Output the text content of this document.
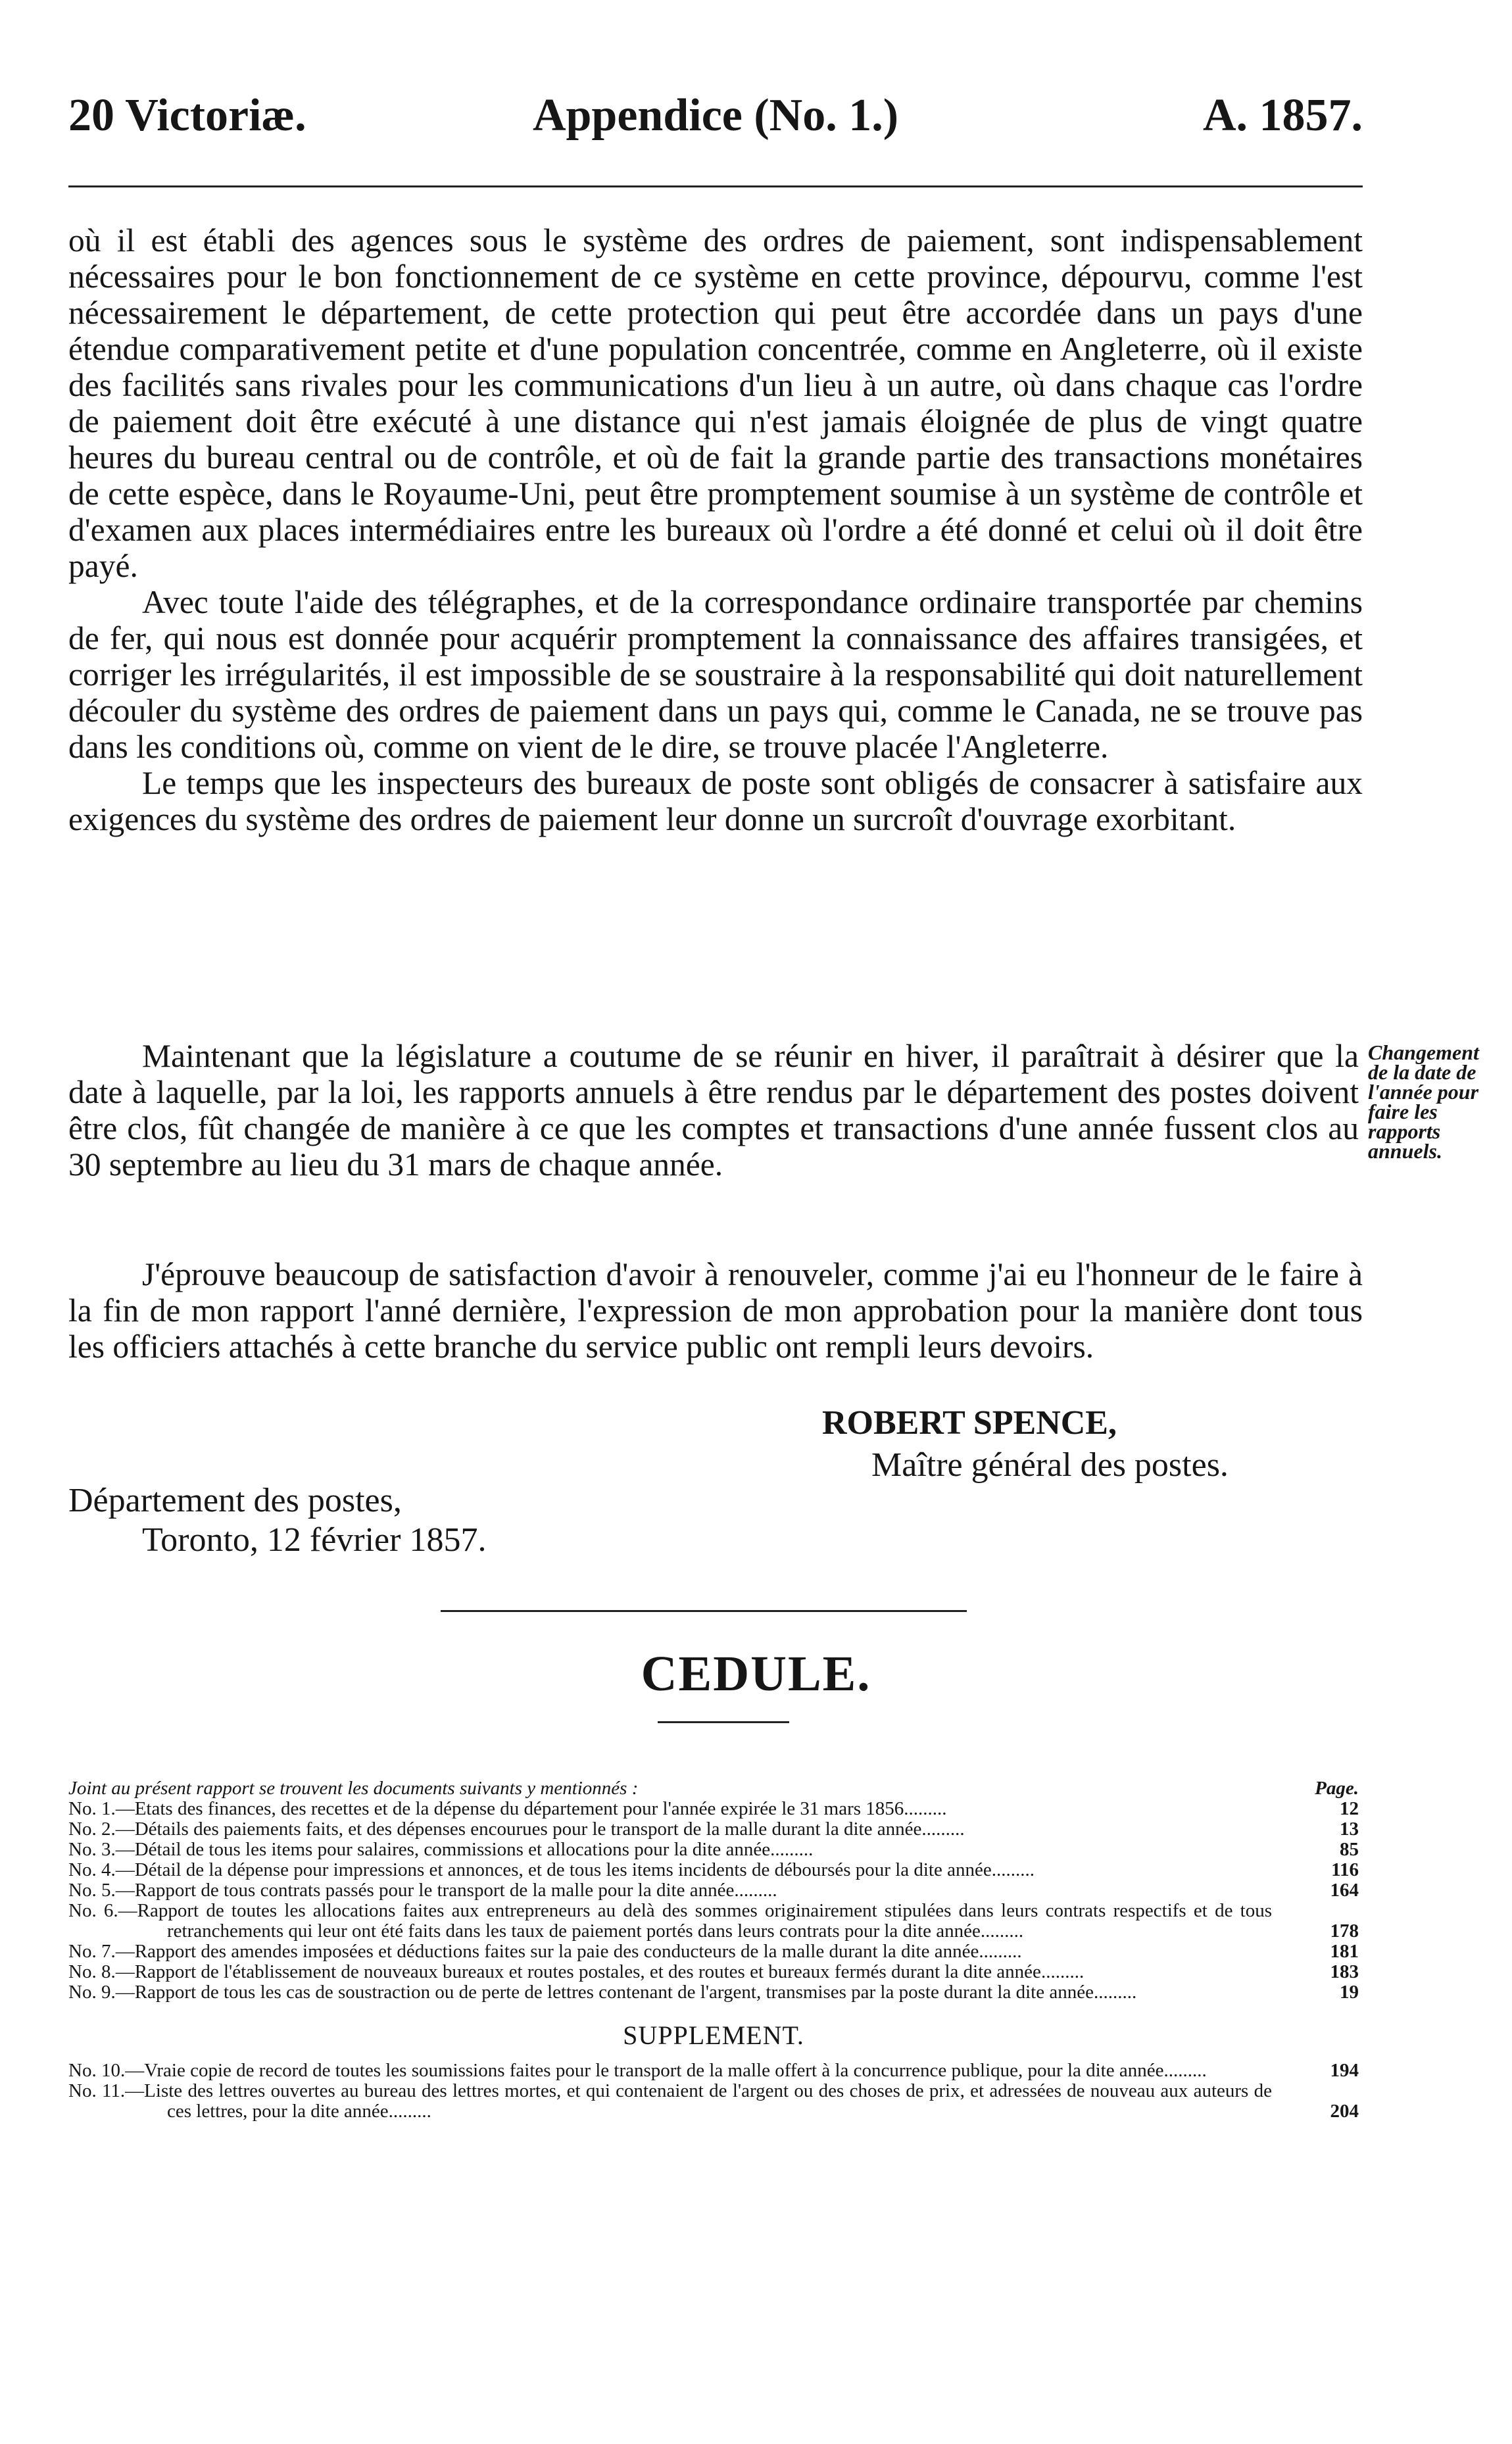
20 Victoriæ.	Appendice (No. 1.)	A. 1857.

où il est établi des agences sous le système des ordres de paiement, sont indispensablement nécessaires pour le bon fonctionnement de ce système en cette province, dépourvu, comme l'est nécessairement le département, de cette protection qui peut être accordée dans un pays d'une étendue comparativement petite et d'une population concentrée, comme en Angleterre, où il existe des facilités sans rivales pour les communications d'un lieu à un autre, où dans chaque cas l'ordre de paiement doit être exécuté à une distance qui n'est jamais éloignée de plus de vingt quatre heures du bureau central ou de contrôle, et où de fait la grande partie des transactions monétaires de cette espèce, dans le Royaume-Uni, peut être promptement soumise à un système de contrôle et d'examen aux places intermédiaires entre les bureaux où l'ordre a été donné et celui où il doit être payé.

Avec toute l'aide des télégraphes, et de la correspondance ordinaire transportée par chemins de fer, qui nous est donnée pour acquérir promptement la connaissance des affaires transigées, et corriger les irrégularités, il est impossible de se soustraire à la responsabilité qui doit naturellement découler du système des ordres de paiement dans un pays qui, comme le Canada, ne se trouve pas dans les conditions où, comme on vient de le dire, se trouve placée l'Angleterre.

Le temps que les inspecteurs des bureaux de poste sont obligés de consacrer à satisfaire aux exigences du système des ordres de paiement leur donne un surcroît d'ouvrage exorbitant.

Maintenant que la législature a coutume de se réunir en hiver, il paraîtrait à désirer que la date à laquelle, par la loi, les rapports annuels à être rendus par le département des postes doivent être clos, fût changée de manière à ce que les comptes et transactions d'une année fussent clos au 30 septembre au lieu du 31 mars de chaque année.

Changement de la date de l'année pour faire les rapports annuels.

J'éprouve beaucoup de satisfaction d'avoir à renouveler, comme j'ai eu l'honneur de le faire à la fin de mon rapport l'anné dernière, l'expression de mon approbation pour la manière dont tous les officiers attachés à cette branche du service public ont rempli leurs devoirs.

ROBERT SPENCE,
Maître général des postes.
Département des postes,
Toronto, 12 février 1857.
CEDULE.
Joint au présent rapport se trouvent les documents suivants y mentionnés :	Page.
No. 1.—Etats des finances, des recettes et de la dépense du département pour l'année expirée le 31 mars 1856.........	12
No. 2.—Détails des paiements faits, et des dépenses encourues pour le transport de la malle durant la dite année.........	13
No. 3.—Détail de tous les items pour salaires, commissions et allocations pour la dite année.........	85
No. 4.—Détail de la dépense pour impressions et annonces, et de tous les items incidents de déboursés pour la dite année.........	116
No. 5.—Rapport de tous contrats passés pour le transport de la malle pour la dite année.........	164
No. 6.—Rapport de toutes les allocations faites aux entrepreneurs au delà des sommes originairement stipulées dans leurs contrats respectifs et de tous retranchements qui leur ont été faits dans les taux de paiement portés dans leurs contrats pour la dite année.........	178
No. 7.—Rapport des amendes imposées et déductions faites sur la paie des conducteurs de la malle durant la dite année.........	181
No. 8.—Rapport de l'établissement de nouveaux bureaux et routes postales, et des routes et bureaux fermés durant la dite année.........	183
No. 9.—Rapport de tous les cas de soustraction ou de perte de lettres contenant de l'argent, transmises par la poste durant la dite année.........	19
SUPPLEMENT.
No. 10.—Vraie copie de record de toutes les soumissions faites pour le transport de la malle offert à la concurrence publique, pour la dite année.........	194
No. 11.—Liste des lettres ouvertes au bureau des lettres mortes, et qui contenaient de l'argent ou des choses de prix, et adressées de nouveau aux auteurs de ces lettres, pour la dite année.........	204
